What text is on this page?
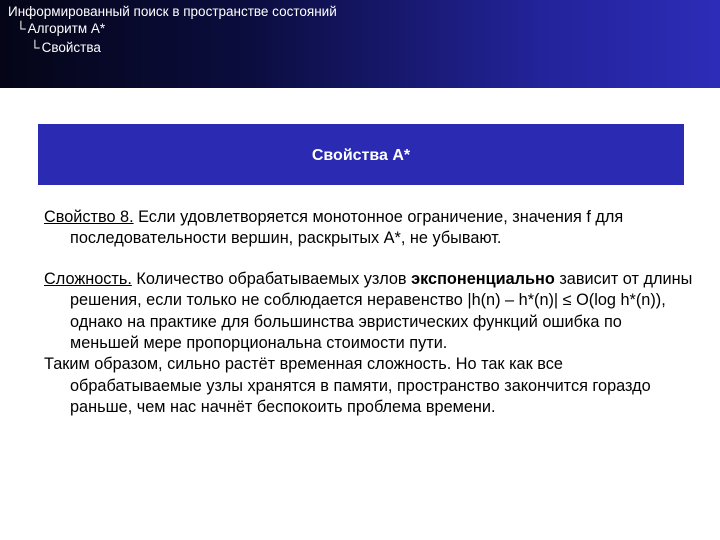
Информированный поиск в пространстве состояний
└ Алгоритм A*
└ Свойства
Свойства A*

Свойство 8. Если удовлетворяется монотонное ограничение, значения f для последовательности вершин, раскрытых A*, не убывают.

Сложность. Количество обрабатываемых узлов экспоненциально зависит от длины решения, если только не соблюдается неравенство |h(n) – h*(n)| ≤ O(log h*(n)), однако на практике для большинства эвристических функций ошибка по меньшей мере пропорциональна стоимости пути.

Таким образом, сильно растёт временная сложность. Но так как все обрабатываемые узлы хранятся в памяти, пространство закончится гораздо раньше, чем нас начнёт беспокоить проблема времени.
